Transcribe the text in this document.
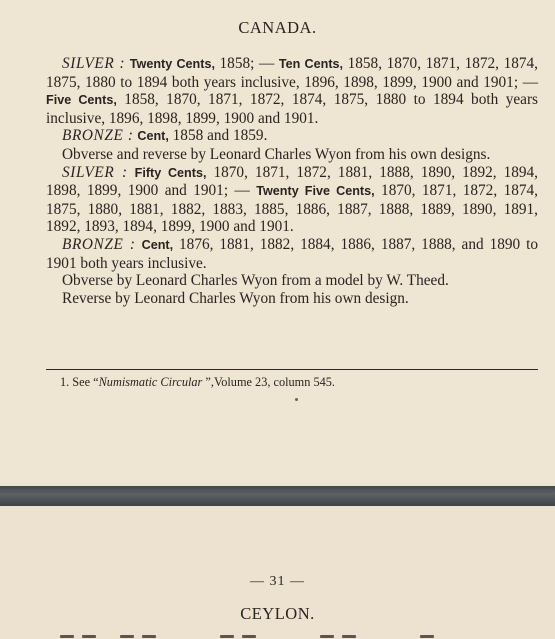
CANADA.

SILVER : Twenty Cents, 1858; — Ten Cents, 1858, 1870, 1871, 1872, 1874, 1875, 1880 to 1894 both years inclusive, 1896, 1898, 1899, 1900 and 1901; — Five Cents, 1858, 1870, 1871, 1872, 1874, 1875, 1880 to 1894 both years inclusive, 1896, 1898, 1899, 1900 and 1901.

BRONZE : Cent, 1858 and 1859.

Obverse and reverse by Leonard Charles Wyon from his own designs.

SILVER : Fifty Cents, 1870, 1871, 1872, 1881, 1888, 1890, 1892, 1894, 1898, 1899, 1900 and 1901; — Twenty Five Cents, 1870, 1871, 1872, 1874, 1875, 1880, 1881, 1882, 1883, 1885, 1886, 1887, 1888, 1889, 1890, 1891, 1892, 1893, 1894, 1899, 1900 and 1901.

BRONZE : Cent, 1876, 1881, 1882, 1884, 1886, 1887, 1888, and 1890 to 1901 both years inclusive.

Obverse by Leonard Charles Wyon from a model by W. Theed.

Reverse by Leonard Charles Wyon from his own design.

1. See “Numismatic Circular ”,Volume 23, column 545.
— 31 —
CEYLON.
